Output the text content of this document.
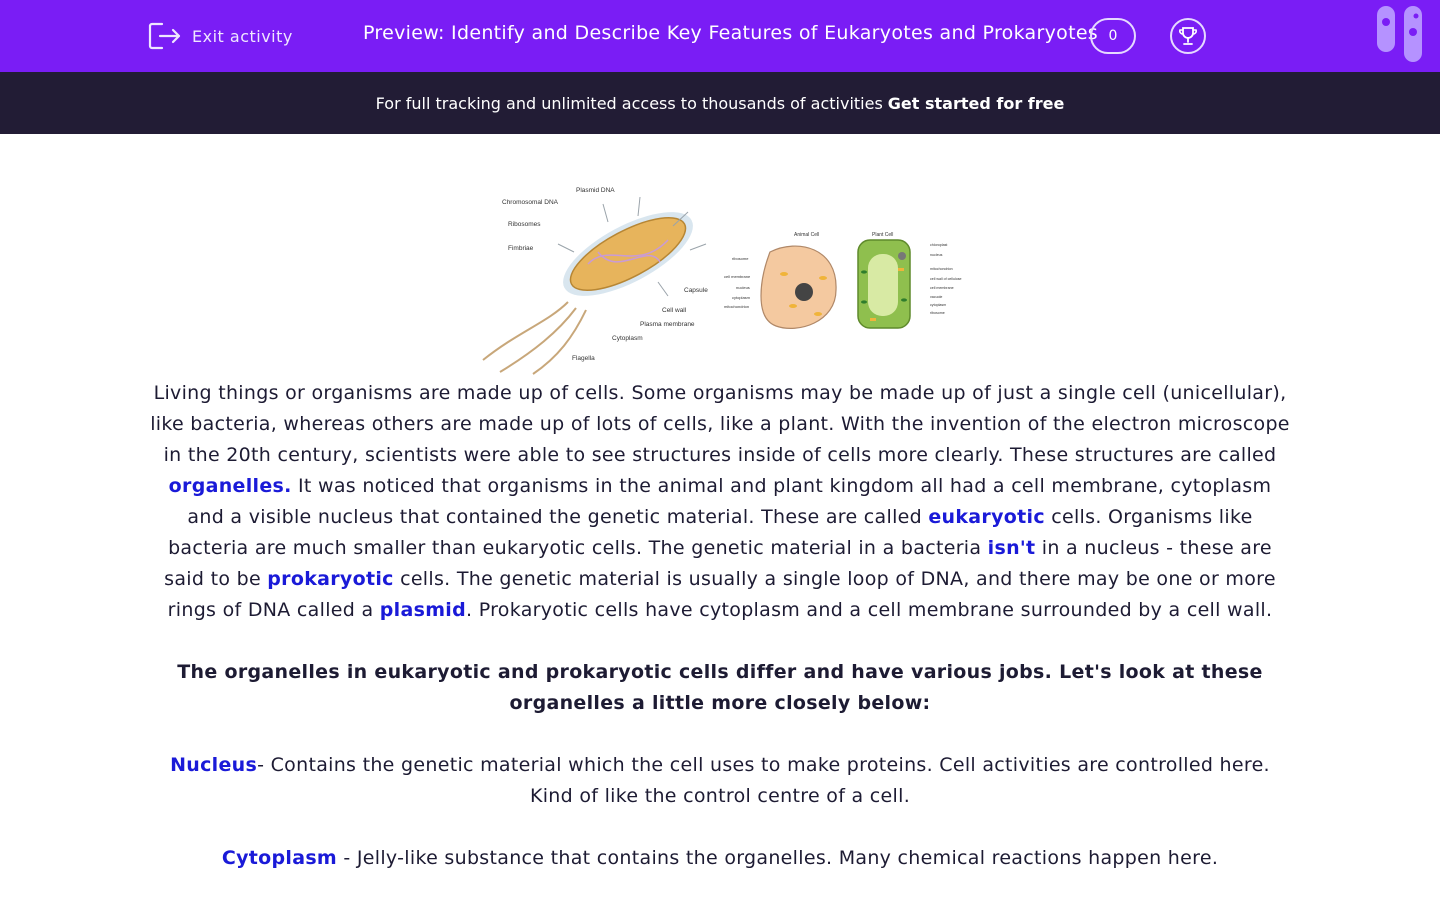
Exit activity	Preview: Identify and Describe Key Features of Eukaryotes and Prokaryotes 0
For full tracking and unlimited access to thousands of activities Get started for free
Plasmid DNA
Chromosomal DNA
Ribosomes
Fimbriae
Capsule
Cell wall
Plasma membrane
Cytoplasm
Flagella
Animal Cell
ribosome
cell membrane
nucleus
cytoplasm
mitochondrion
Plant Cell
chloroplast
nucleus
mitochondrion
cell wall of cellulose
cell membrane
vacuole
cytoplasm
ribosome

Living things or organisms are made up of cells. Some organisms may be made up of just a single cell (unicellular), like bacteria, whereas others are made up of lots of cells, like a plant. With the invention of the electron microscope in the 20th century, scientists were able to see structures inside of cells more clearly. These structures are called organelles. It was noticed that organisms in the animal and plant kingdom all had a cell membrane, cytoplasm and a visible nucleus that contained the genetic material. These are called eukaryotic cells. Organisms like bacteria are much smaller than eukaryotic cells. The genetic material in a bacteria isn't in a nucleus - these are said to be prokaryotic cells. The genetic material is usually a single loop of DNA, and there may be one or more rings of DNA called a plasmid. Prokaryotic cells have cytoplasm and a cell membrane surrounded by a cell wall.

The organelles in eukaryotic and prokaryotic cells differ and have various jobs. Let's look at these organelles a little more closely below:

Nucleus- Contains the genetic material which the cell uses to make proteins. Cell activities are controlled here. Kind of like the control centre of a cell.

Cytoplasm - Jelly-like substance that contains the organelles. Many chemical reactions happen here.
